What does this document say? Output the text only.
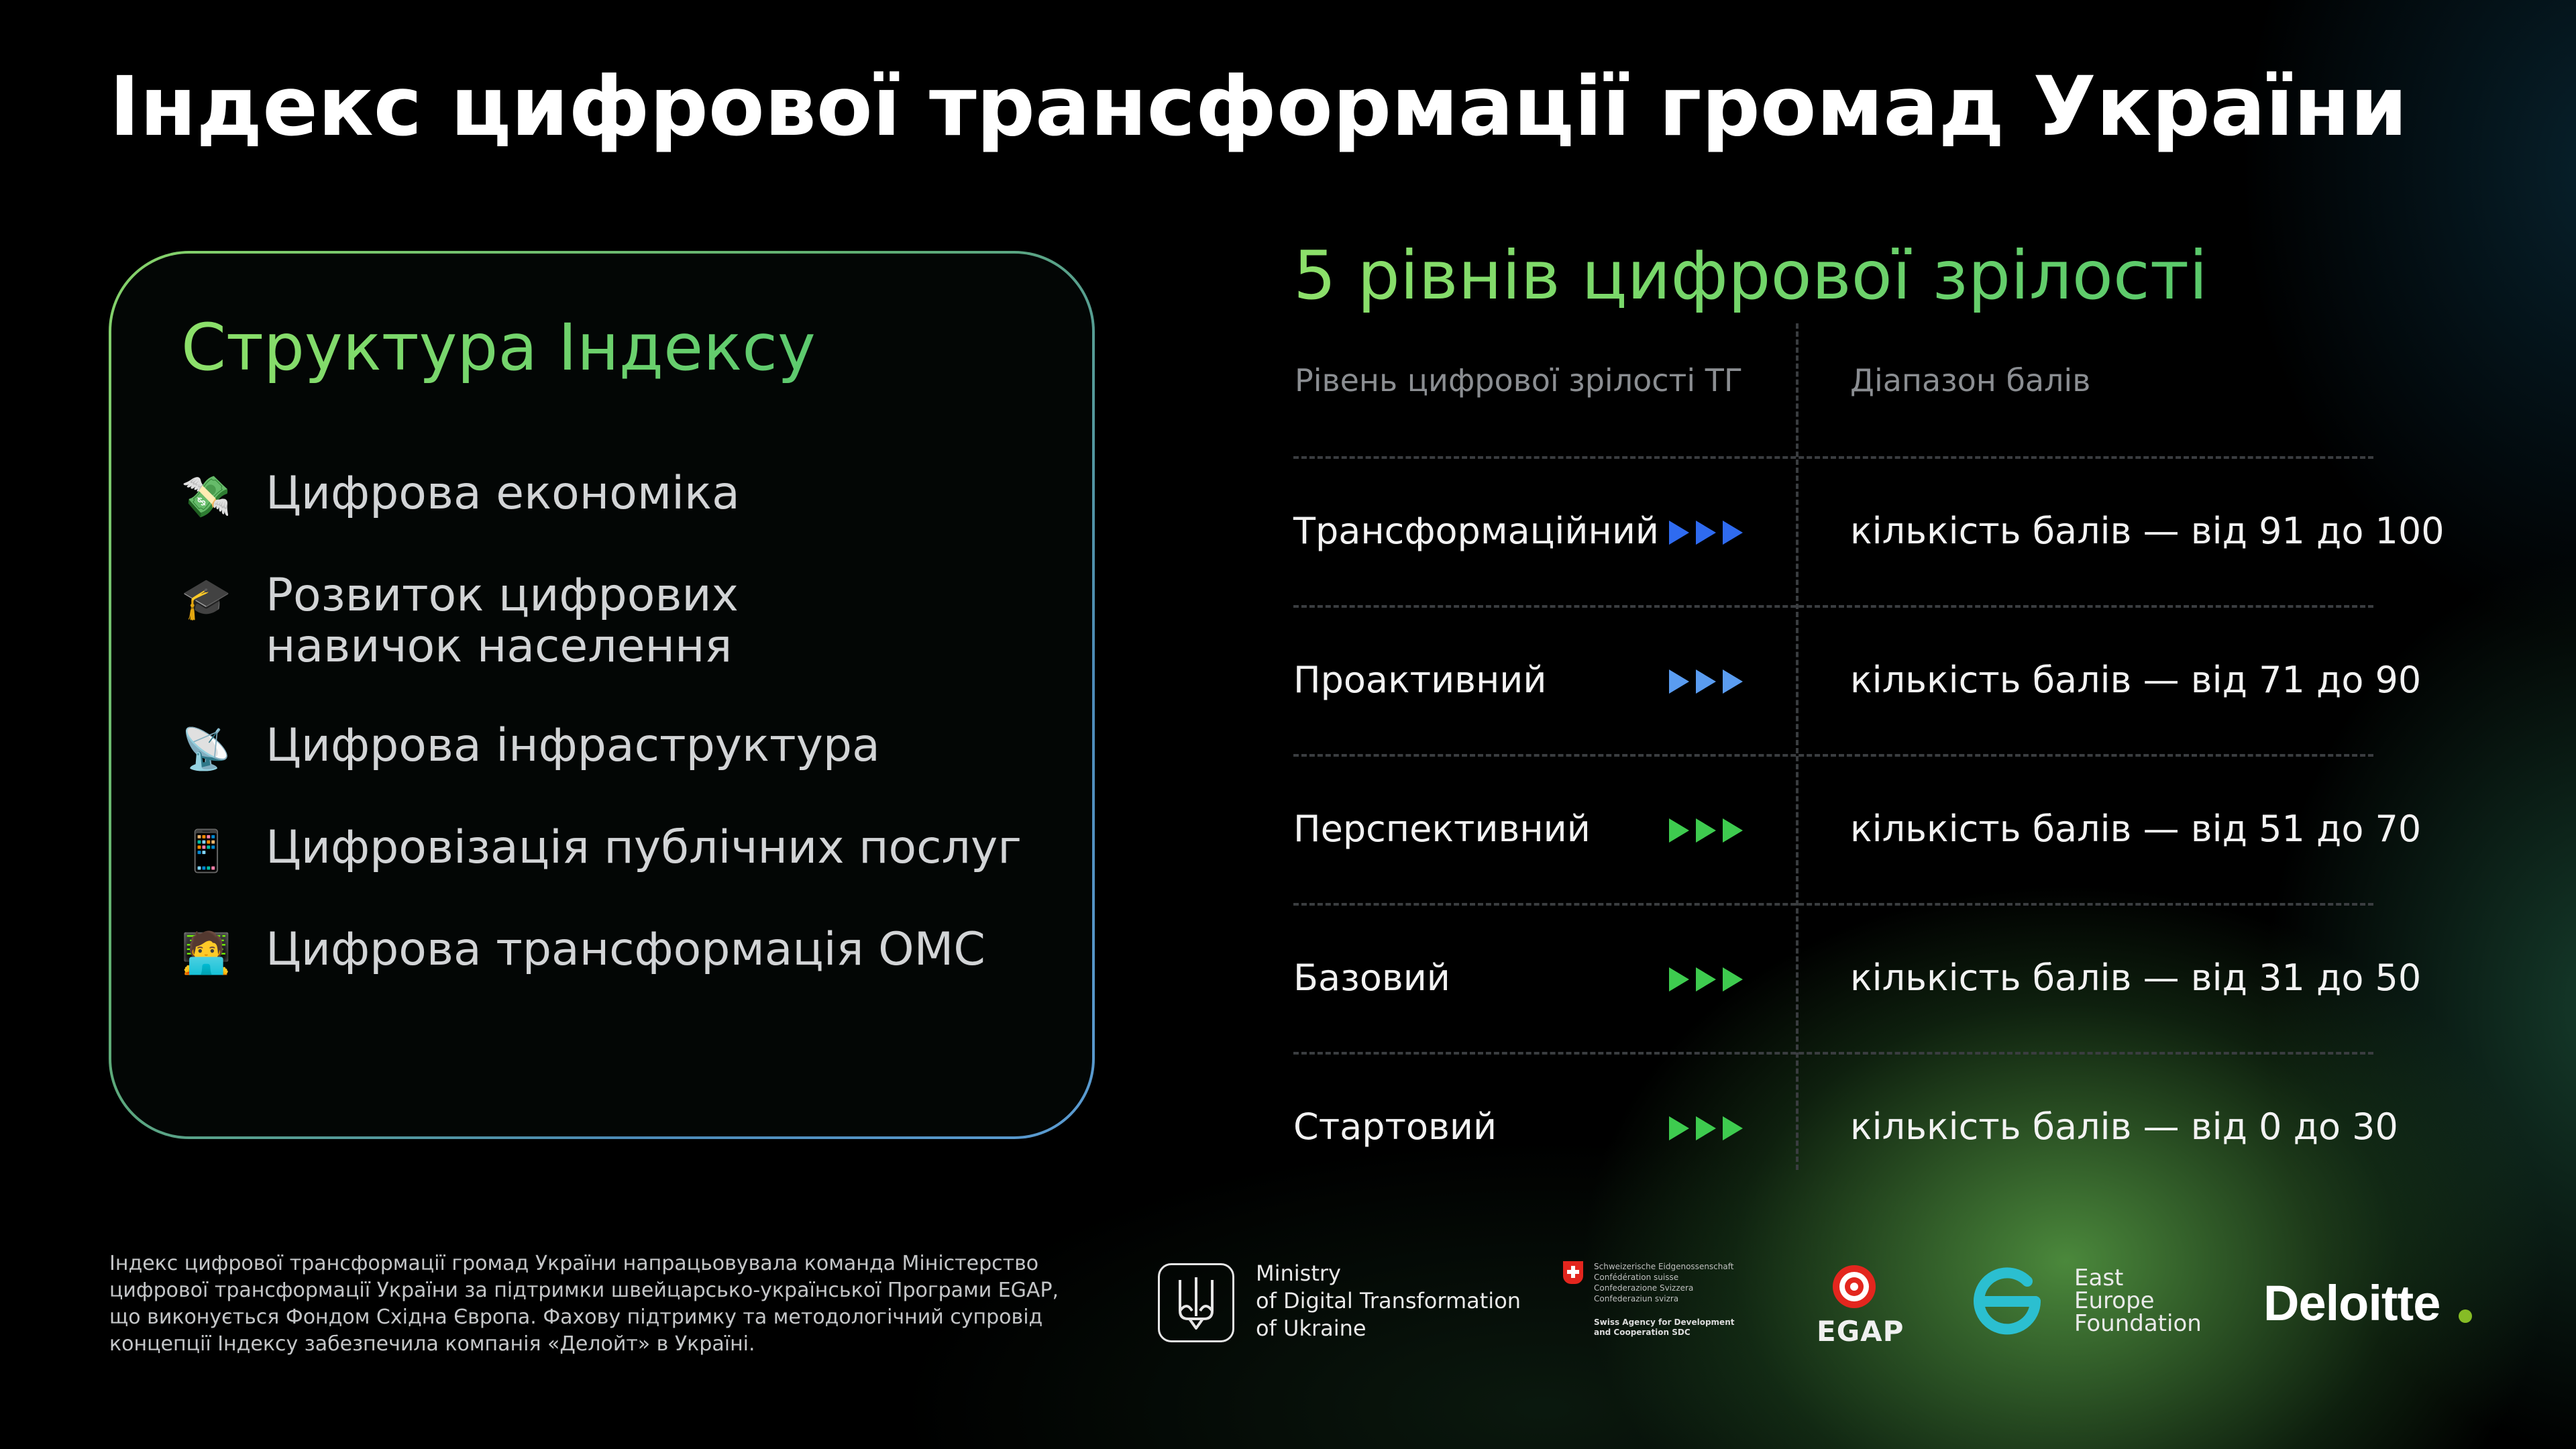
Індекс цифрової трансформації громад України
Структура Індексу
💸 Цифрова економіка
🎓 Розвиток цифрових
навичок населення
📡 Цифрова інфраструктура
📱 Цифровізація публічних послуг
🧑‍💻 Цифрова трансформація ОМС
5 рівнів цифрової зрілості
Рівень цифрової зрілості ТГ	Діапазон балів
Трансформаційний	кількість балів — від 91 до 100
Проактивний	кількість балів — від 71 до 90
Перспективний	кількість балів — від 51 до 70
Базовий	кількість балів — від 31 до 50
Стартовий	кількість балів — від 0 до 30
Індекс цифрової трансформації громад України напрацьовувала команда Міністерство
цифрової трансформації України за підтримки швейцарсько-української Програми EGAP,
що виконується Фондом Східна Європа. Фахову підтримку та методологічний супровід
концепції Індексу забезпечила компанія «Делойт» в Україні.
Ministry
of Digital Transformation
of Ukraine
Schweizerische Eidgenossenschaft
Confédération suisse
Confederazione Svizzera
Confederaziun svizra
Swiss Agency for Development
and Cooperation SDC	EGAP
East
Europe
Foundation Deloitte
